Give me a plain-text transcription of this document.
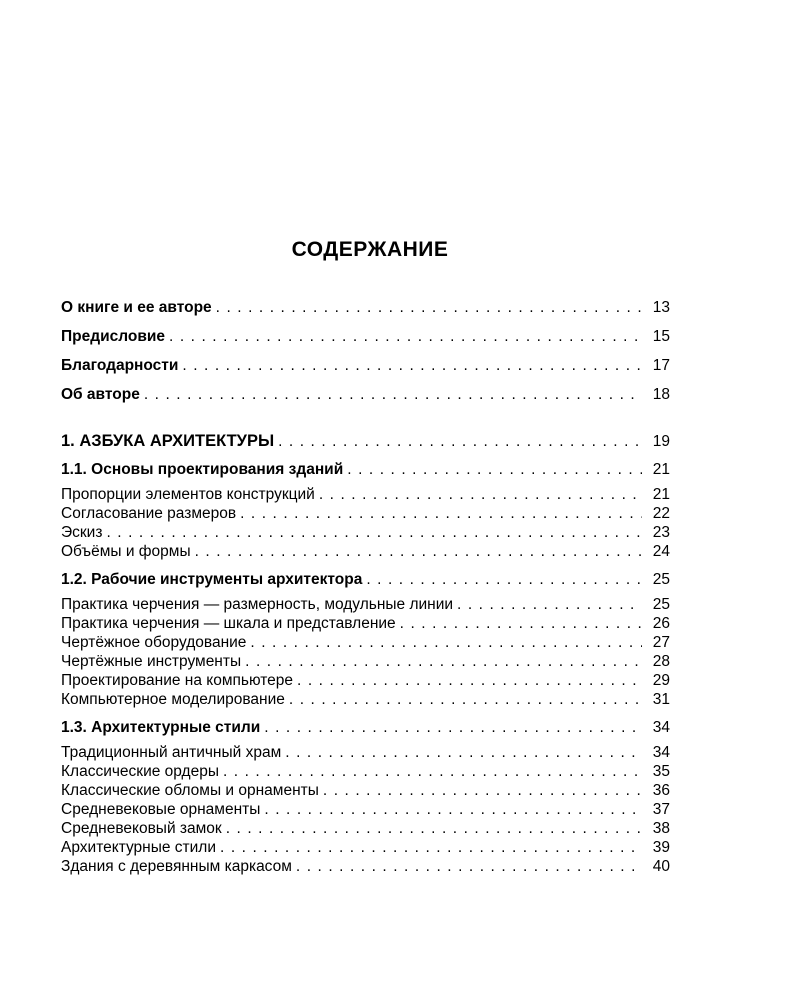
СОДЕРЖАНИЕ
О книге и ее авторе . . .	13
Предисловие . . .	15
Благодарности . . .	17
Об авторе . . .	18
1. АЗБУКА АРХИТЕКТУРЫ . . .	19
1.1. Основы проектирования зданий . . .	21
Пропорции элементов конструкций . . .	21
Согласование размеров . . .	22
Эскиз . . .	23
Объёмы и формы . . .	24
1.2. Рабочие инструменты архитектора . . .	25
Практика черчения — размерность, модульные линии . . .	25
Практика черчения — шкала и представление . . .	26
Чертёжное оборудование . . .	27
Чертёжные инструменты . . .	28
Проектирование на компьютере . . .	29
Компьютерное моделирование . . .	31
1.3. Архитектурные стили . . .	34
Традиционный античный храм . . .	34
Классические ордеры . . .	35
Классические обломы и орнаменты . . .	36
Средневековые орнаменты . . .	37
Средневековый замок . . .	38
Архитектурные стили . . .	39
Здания с деревянным каркасом . . .	40
